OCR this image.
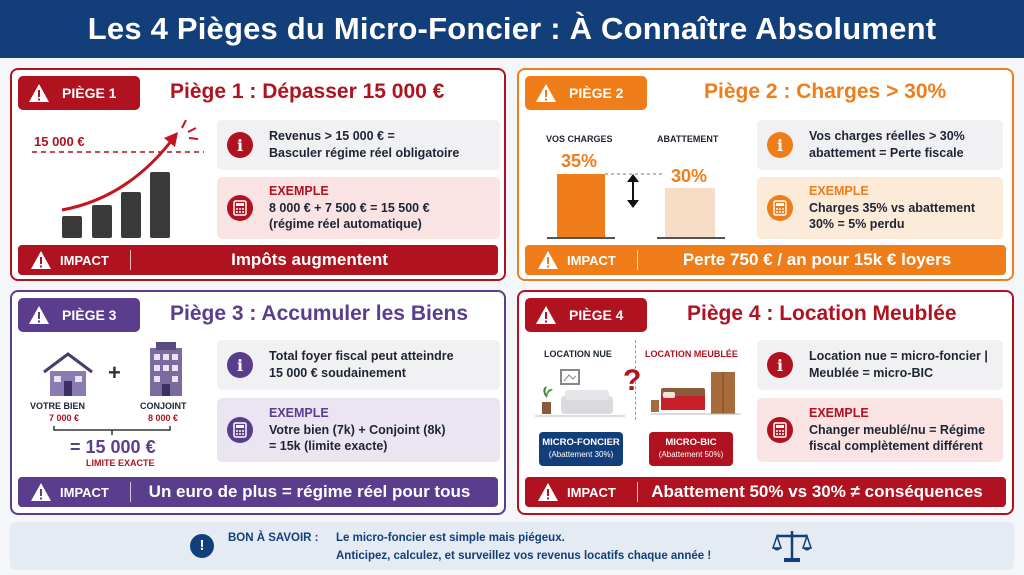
Les 4 Pièges du Micro-Foncier : À Connaître Absolument
PIÈGE 1	Piège 1 : Dépasser 15 000 €
15 000 €	i	Revenus > 15 000 € =
Basculer régime réel obligatoire
EXEMPLE
8 000 € + 7 500 € = 15 500 €
(régime réel automatique)
IMPACT	Impôts augmentent
PIÈGE 2	Piège 2 : Charges > 30%
VOS CHARGES	ABATTEMENT
35%
30%
i	Vos charges réelles > 30%
abattement = Perte fiscale
EXEMPLE
Charges 35% vs abattement
30% = 5% perdu
IMPACT	Perte 750 € / an pour 15k € loyers
PIÈGE 3	Piège 3 : Accumuler les Biens
+
VOTRE BIEN
7 000 €
CONJOINT
8 000 €
= 15 000 €
LIMITE EXACTE
i	Total foyer fiscal peut atteindre
15 000 € soudainement
EXEMPLE
Votre bien (7k) + Conjoint (8k)
= 15k (limite exacte)
IMPACT	Un euro de plus = régime réel pour tous
PIÈGE 4	Piège 4 : Location Meublée
LOCATION NUE	LOCATION MEUBLÉE
?
MICRO-FONCIER
(Abattement 30%)
MICRO-BIC
(Abattement 50%)
i	Location nue = micro-foncier |
Meublée = micro-BIC
EXEMPLE
Changer meublé/nu = Régime
fiscal complètement différent
IMPACT	Abattement 50% vs 30% ≠ conséquences
!	BON À SAVOIR : Le micro-foncier est simple mais piégeux.
Anticipez, calculez, et surveillez vos revenus locatifs chaque année !
